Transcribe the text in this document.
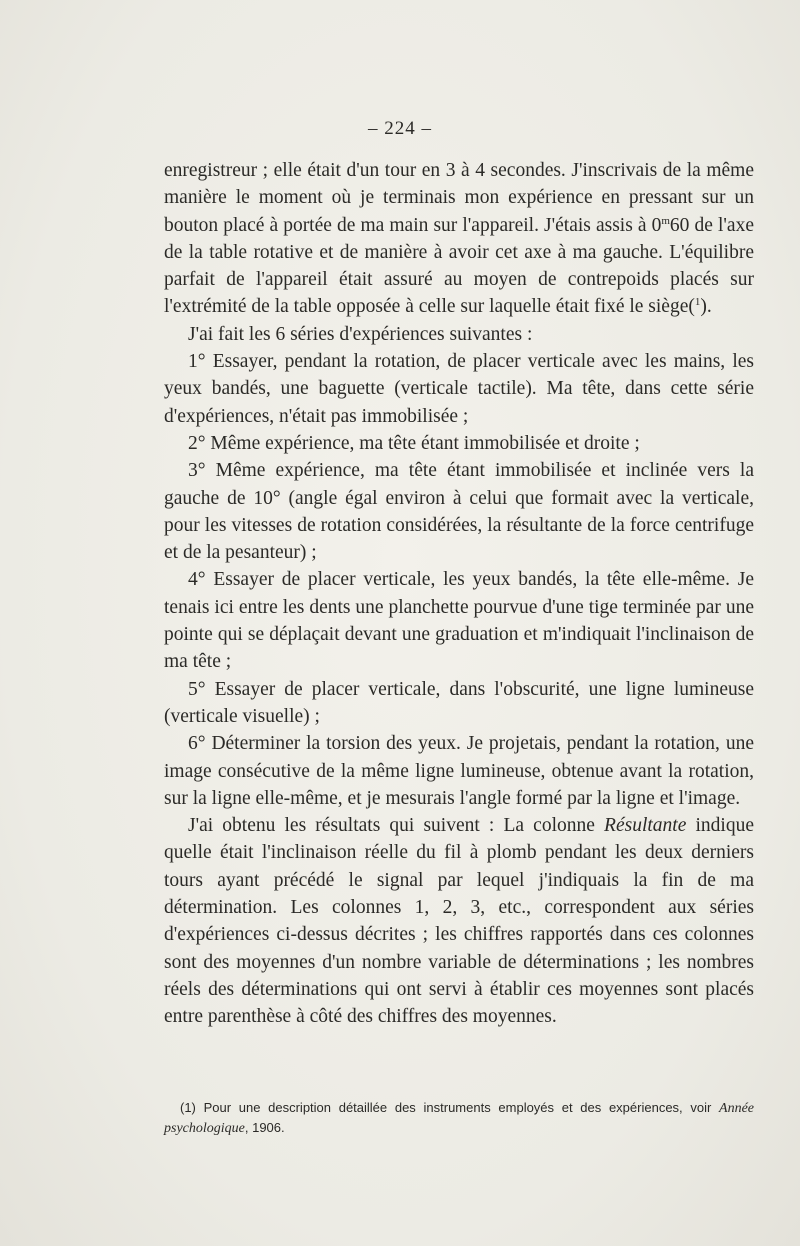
– 224 –

enregistreur ; elle était d'un tour en 3 à 4 secondes. J'inscrivais de la même manière le moment où je terminais mon expérience en pressant sur un bouton placé à portée de ma main sur l'appareil. J'étais assis à 0$^m$60 de l'axe de la table rotative et de manière à avoir cet axe à ma gauche. L'équilibre parfait de l'appareil était assuré au moyen de contrepoids placés sur l'extrémité de la table opposée à celle sur laquelle était fixé le siège($^1$).

J'ai fait les 6 séries d'expériences suivantes :

1° Essayer, pendant la rotation, de placer verticale avec les mains, les yeux bandés, une baguette (verticale tactile). Ma tête, dans cette série d'expériences, n'était pas immobilisée ;

2° Même expérience, ma tête étant immobilisée et droite ;

3° Même expérience, ma tête étant immobilisée et inclinée vers la gauche de 10° (angle égal environ à celui que formait avec la verticale, pour les vitesses de rotation considérées, la résultante de la force centrifuge et de la pesanteur) ;

4° Essayer de placer verticale, les yeux bandés, la tête elle-même. Je tenais ici entre les dents une planchette pourvue d'une tige terminée par une pointe qui se déplaçait devant une graduation et m'indiquait l'inclinaison de ma tête ;

5° Essayer de placer verticale, dans l'obscurité, une ligne lumineuse (verticale visuelle) ;

6° Déterminer la torsion des yeux. Je projetais, pendant la rotation, une image consécutive de la même ligne lumineuse, obtenue avant la rotation, sur la ligne elle-même, et je mesurais l'angle formé par la ligne et l'image.

J'ai obtenu les résultats qui suivent : La colonne Résultante indique quelle était l'inclinaison réelle du fil à plomb pendant les deux derniers tours ayant précédé le signal par lequel j'indiquais la fin de ma détermination. Les colonnes 1, 2, 3, etc., correspondent aux séries d'expériences ci-dessus décrites ; les chiffres rapportés dans ces colonnes sont des moyennes d'un nombre variable de déterminations ; les nombres réels des déterminations qui ont servi à établir ces moyennes sont placés entre parenthèse à côté des chiffres des moyennes.

(1) Pour une description détaillée des instruments employés et des expériences, voir Année psychologique, 1906.
